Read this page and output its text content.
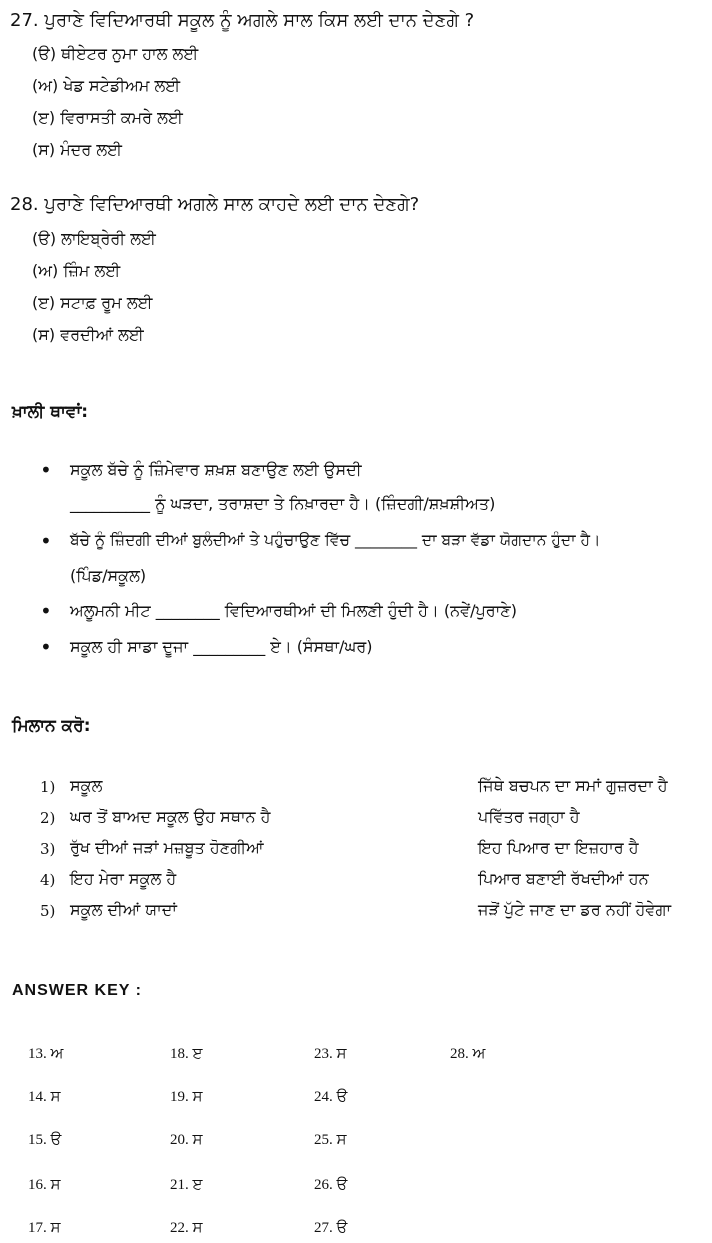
27. ਪੁਰਾਣੇ ਵਿਦਿਆਰਥੀ ਸਕੂਲ ਨੂੰ ਅਗਲੇ ਸਾਲ ਕਿਸ ਲਈ ਦਾਨ ਦੇਣਗੇ ?
(ੳ) ਥੀਏਟਰ ਨੁਮਾ ਹਾਲ ਲਈ
(ਅ) ਖੇਡ ਸਟੇਡੀਅਮ ਲਈ
(ੲ) ਵਿਰਾਸਤੀ ਕਮਰੇ ਲਈ
(ਸ) ਮੰਦਰ ਲਈ
28. ਪੁਰਾਣੇ ਵਿਦਿਆਰਥੀ ਅਗਲੇ ਸਾਲ ਕਾਹਦੇ ਲਈ ਦਾਨ ਦੇਣਗੇ?
(ੳ) ਲਾਇਬ੍ਰੇਰੀ ਲਈ
(ਅ) ਜ਼ਿੰਮ ਲਈ
(ੲ) ਸਟਾਫ਼ ਰੂਮ ਲਈ
(ਸ) ਵਰਦੀਆਂ ਲਈ
ਖ਼ਾਲੀ ਥਾਵਾਂ:
• ਸਕੂਲ ਬੱਚੇ ਨੂੰ ਜ਼ਿੰਮੇਵਾਰ ਸ਼ਖ਼ਸ਼ ਬਣਾਉਣ ਲਈ ਉਸਦੀ
__________ ਨੂੰ ਘੜਦਾ, ਤਰਾਸ਼ਦਾ ਤੇ ਨਿਖ਼ਾਰਦਾ ਹੈ। (ਜ਼ਿੰਦਗੀ/ਸ਼ਖ਼ਸ਼ੀਅਤ)
• ਬੱਚੇ ਨੂੰ ਜ਼ਿੰਦਗੀ ਦੀਆਂ ਬੁਲੰਦੀਆਂ ਤੇ ਪਹੁੰਚਾਉਣ ਵਿੱਚ ________ ਦਾ ਬੜਾ ਵੱਡਾ ਯੋਗਦਾਨ ਹੁੰਦਾ ਹੈ।
(ਪਿੰਡ/ਸਕੂਲ)
• ਅਲੂਮਨੀ ਮੀਟ ________ ਵਿਦਿਆਰਥੀਆਂ ਦੀ ਮਿਲਣੀ ਹੁੰਦੀ ਹੈ। (ਨਵੇਂ/ਪੁਰਾਣੇ)
• ਸਕੂਲ ਹੀ ਸਾਡਾ ਦੂਜਾ _________ ਏ। (ਸੰਸਥਾ/ਘਰ)
ਮਿਲਾਨ ਕਰੋ:
1) ਸਕੂਲ
2) ਘਰ ਤੋਂ ਬਾਅਦ ਸਕੂਲ ਉਹ ਸਥਾਨ ਹੈ
3) ਰੁੱਖ ਦੀਆਂ ਜੜਾਂ ਮਜ਼ਬੂਤ ਹੋਣਗੀਆਂ
4) ਇਹ ਮੇਰਾ ਸਕੂਲ ਹੈ
5) ਸਕੂਲ ਦੀਆਂ ਯਾਦਾਂ
ਜਿੱਥੇ ਬਚਪਨ ਦਾ ਸਮਾਂ ਗੁਜ਼ਰਦਾ ਹੈ
ਪਵਿੱਤਰ ਜਗ੍ਹਾ ਹੈ
ਇਹ ਪਿਆਰ ਦਾ ਇਜ਼ਹਾਰ ਹੈ
ਪਿਆਰ ਬਣਾਈ ਰੱਖਦੀਆਂ ਹਨ
ਜੜੋਂ ਪੁੱਟੇ ਜਾਣ ਦਾ ਡਰ ਨਹੀਂ ਹੋਵੇਗਾ
ANSWER KEY :
13. ਅ
14. ਸ
15. ੳ
16. ਸ
17. ਸ
18. ੲ
19. ਸ
20. ਸ
21. ੲ
22. ਸ
23. ਸ
24. ੳ
25. ਸ
26. ੳ
27. ੳ
28. ਅ
